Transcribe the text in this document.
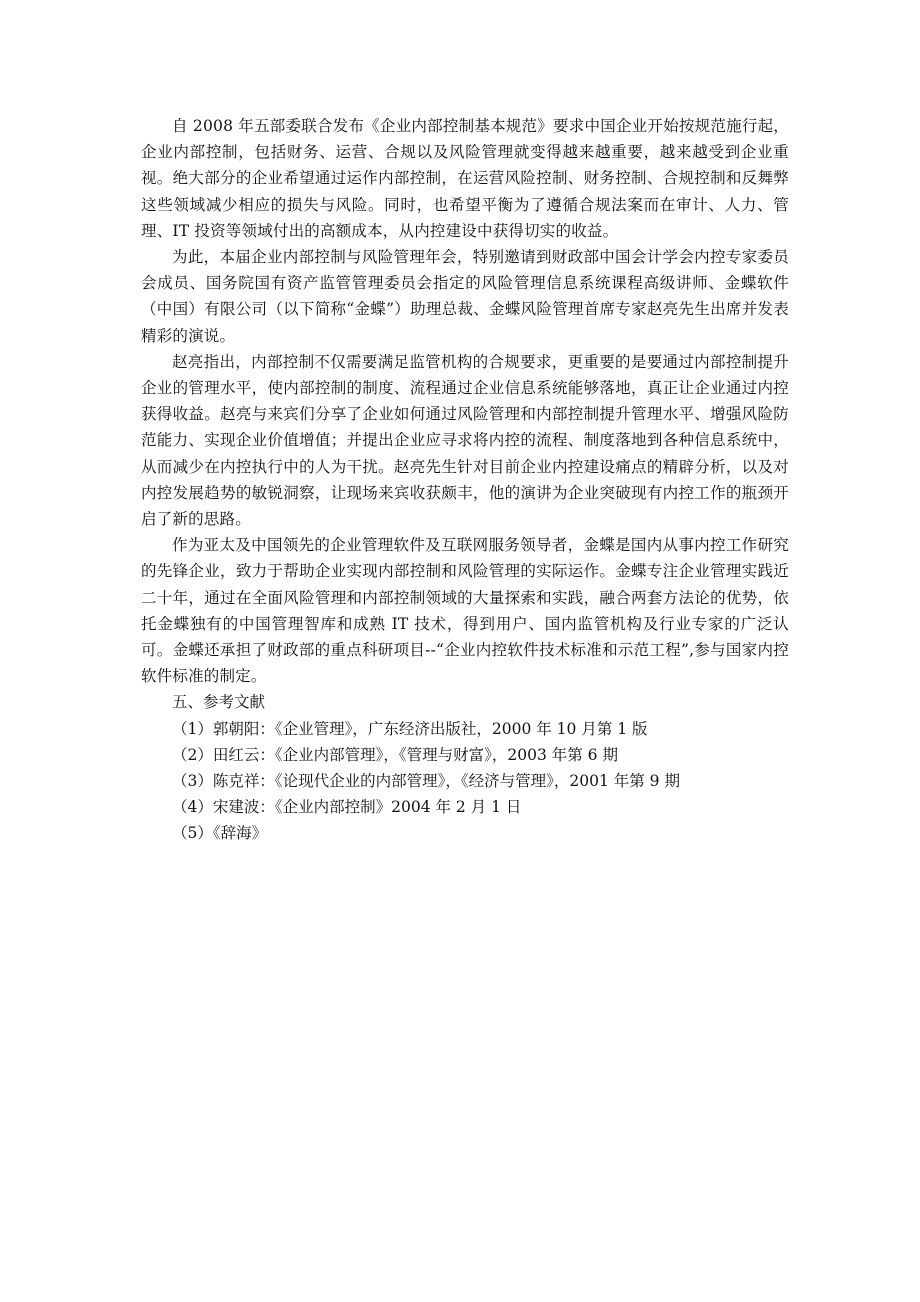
自 2008 年五部委联合发布《企业内部控制基本规范》要求中国企业开始按规范施行起，企业内部控制，包括财务、运营、合规以及风险管理就变得越来越重要，越来越受到企业重视。绝大部分的企业希望通过运作内部控制，在运营风险控制、财务控制、合规控制和反舞弊这些领域减少相应的损失与风险。同时，也希望平衡为了遵循合规法案而在审计、人力、管理、IT 投资等领域付出的高额成本，从内控建设中获得切实的收益。

为此，本届企业内部控制与风险管理年会，特别邀请到财政部中国会计学会内控专家委员会成员、国务院国有资产监管管理委员会指定的风险管理信息系统课程高级讲师、金蝶软件（中国）有限公司（以下简称“金蝶”）助理总裁、金蝶风险管理首席专家赵亮先生出席并发表精彩的演说。

赵亮指出，内部控制不仅需要满足监管机构的合规要求，更重要的是要通过内部控制提升企业的管理水平，使内部控制的制度、流程通过企业信息系统能够落地，真正让企业通过内控获得收益。赵亮与来宾们分享了企业如何通过风险管理和内部控制提升管理水平、增强风险防范能力、实现企业价值增值；并提出企业应寻求将内控的流程、制度落地到各种信息系统中，从而减少在内控执行中的人为干扰。赵亮先生针对目前企业内控建设痛点的精辟分析，以及对内控发展趋势的敏锐洞察，让现场来宾收获颇丰，他的演讲为企业突破现有内控工作的瓶颈开启了新的思路。

作为亚太及中国领先的企业管理软件及互联网服务领导者，金蝶是国内从事内控工作研究的先锋企业，致力于帮助企业实现内部控制和风险管理的实际运作。金蝶专注企业管理实践近二十年，通过在全面风险管理和内部控制领域的大量探索和实践，融合两套方法论的优势，依托金蝶独有的中国管理智库和成熟 IT 技术，得到用户、国内监管机构及行业专家的广泛认可。金蝶还承担了财政部的重点科研项目--“企业内控软件技术标准和示范工程”,参与国家内控软件标准的制定。

五、参考文献

（1）郭朝阳：《企业管理》，广东经济出版社，2000 年 10 月第 1 版
（2）田红云：《企业内部管理》，《管理与财富》，2003 年第 6 期
（3）陈克祥：《论现代企业的内部管理》，《经济与管理》，2001 年第 9 期
（4）宋建波：《企业内部控制》2004 年 2 月 1 日
（5）《辞海》
